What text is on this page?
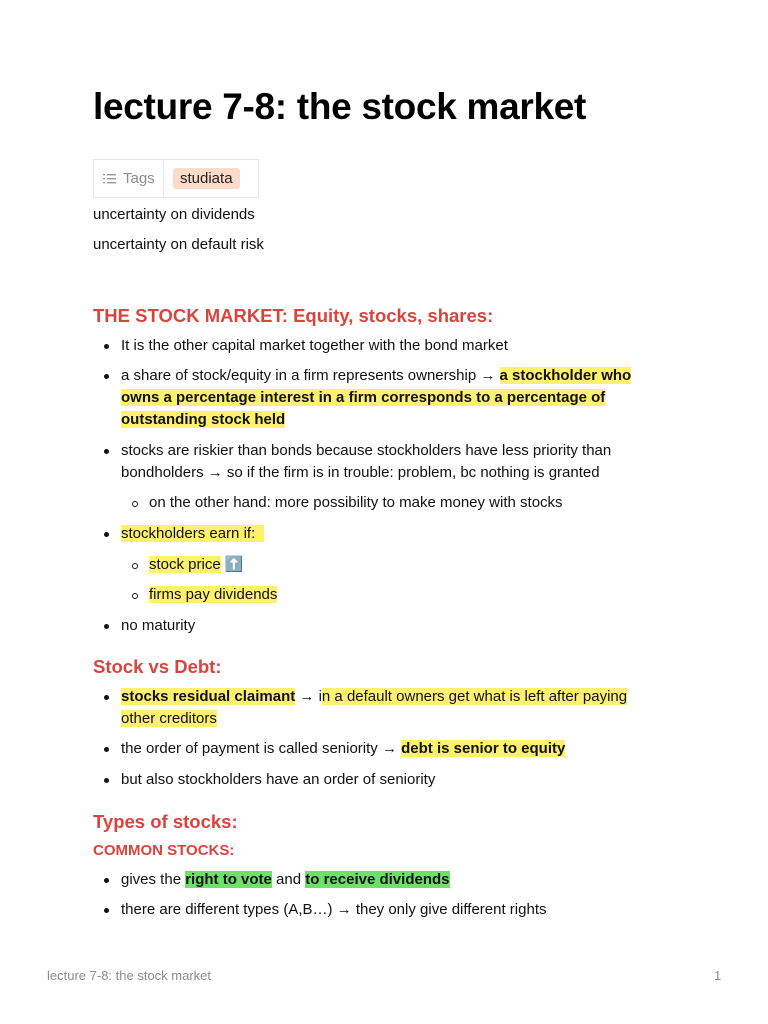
lecture 7-8: the stock market
Tags	studiata
uncertainty on dividends
uncertainty on default risk
THE STOCK MARKET: Equity, stocks, shares:
It is the other capital market together with the bond market
a share of stock/equity in a firm represents ownership → a stockholder who owns a percentage interest in a firm corresponds to a percentage of outstanding stock held
stocks are riskier than bonds because stockholders have less priority than bondholders → so if the firm is in trouble: problem, bc nothing is granted
on the other hand: more possibility to make money with stocks
stockholders earn if:
stock price ⬆️
firms pay dividends
no maturity
Stock vs Debt:
stocks residual claimant → in a default owners get what is left after paying other creditors
the order of payment is called seniority → debt is senior to equity
but also stockholders have an order of seniority
Types of stocks:
COMMON STOCKS:
gives the right to vote and to receive dividends
there are different types (A,B…) → they only give different rights
lecture 7-8: the stock market	1
